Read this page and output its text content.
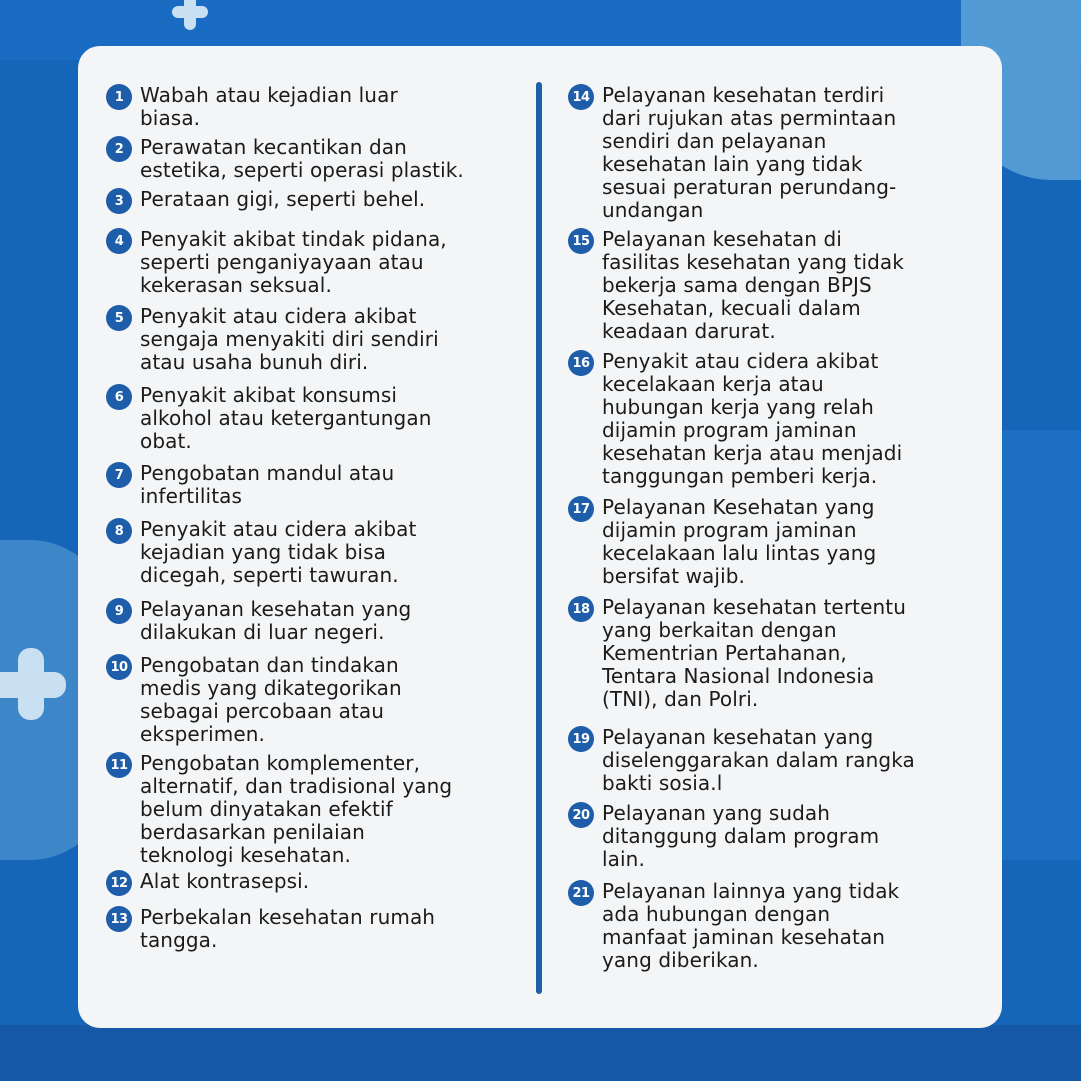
1 Wabah atau kejadian luar
biasa.
2 Perawatan kecantikan dan
estetika, seperti operasi plastik.
3 Perataan gigi, seperti behel.
4 Penyakit akibat tindak pidana,
seperti penganiyayaan atau
kekerasan seksual.
5 Penyakit atau cidera akibat
sengaja menyakiti diri sendiri
atau usaha bunuh diri.
6 Penyakit akibat konsumsi
alkohol atau ketergantungan
obat.
7 Pengobatan mandul atau
infertilitas
8 Penyakit atau cidera akibat
kejadian yang tidak bisa
dicegah, seperti tawuran.
9 Pelayanan kesehatan yang
dilakukan di luar negeri.
10 Pengobatan dan tindakan
medis yang dikategorikan
sebagai percobaan atau
eksperimen.
11 Pengobatan komplementer,
alternatif, dan tradisional yang
belum dinyatakan efektif
berdasarkan penilaian
teknologi kesehatan.
12 Alat kontrasepsi.
13 Perbekalan kesehatan rumah
tangga.
14 Pelayanan kesehatan terdiri
dari rujukan atas permintaan
sendiri dan pelayanan
kesehatan lain yang tidak
sesuai peraturan perundang-
undangan
15 Pelayanan kesehatan di
fasilitas kesehatan yang tidak
bekerja sama dengan BPJS
Kesehatan, kecuali dalam
keadaan darurat.
16 Penyakit atau cidera akibat
kecelakaan kerja atau
hubungan kerja yang relah
dijamin program jaminan
kesehatan kerja atau menjadi
tanggungan pemberi kerja.
17 Pelayanan Kesehatan yang
dijamin program jaminan
kecelakaan lalu lintas yang
bersifat wajib.
18 Pelayanan kesehatan tertentu
yang berkaitan dengan
Kementrian Pertahanan,
Tentara Nasional Indonesia
(TNI), dan Polri.
19 Pelayanan kesehatan yang
diselenggarakan dalam rangka
bakti sosia.l
20 Pelayanan yang sudah
ditanggung dalam program
lain.
21 Pelayanan lainnya yang tidak
ada hubungan dengan
manfaat jaminan kesehatan
yang diberikan.
